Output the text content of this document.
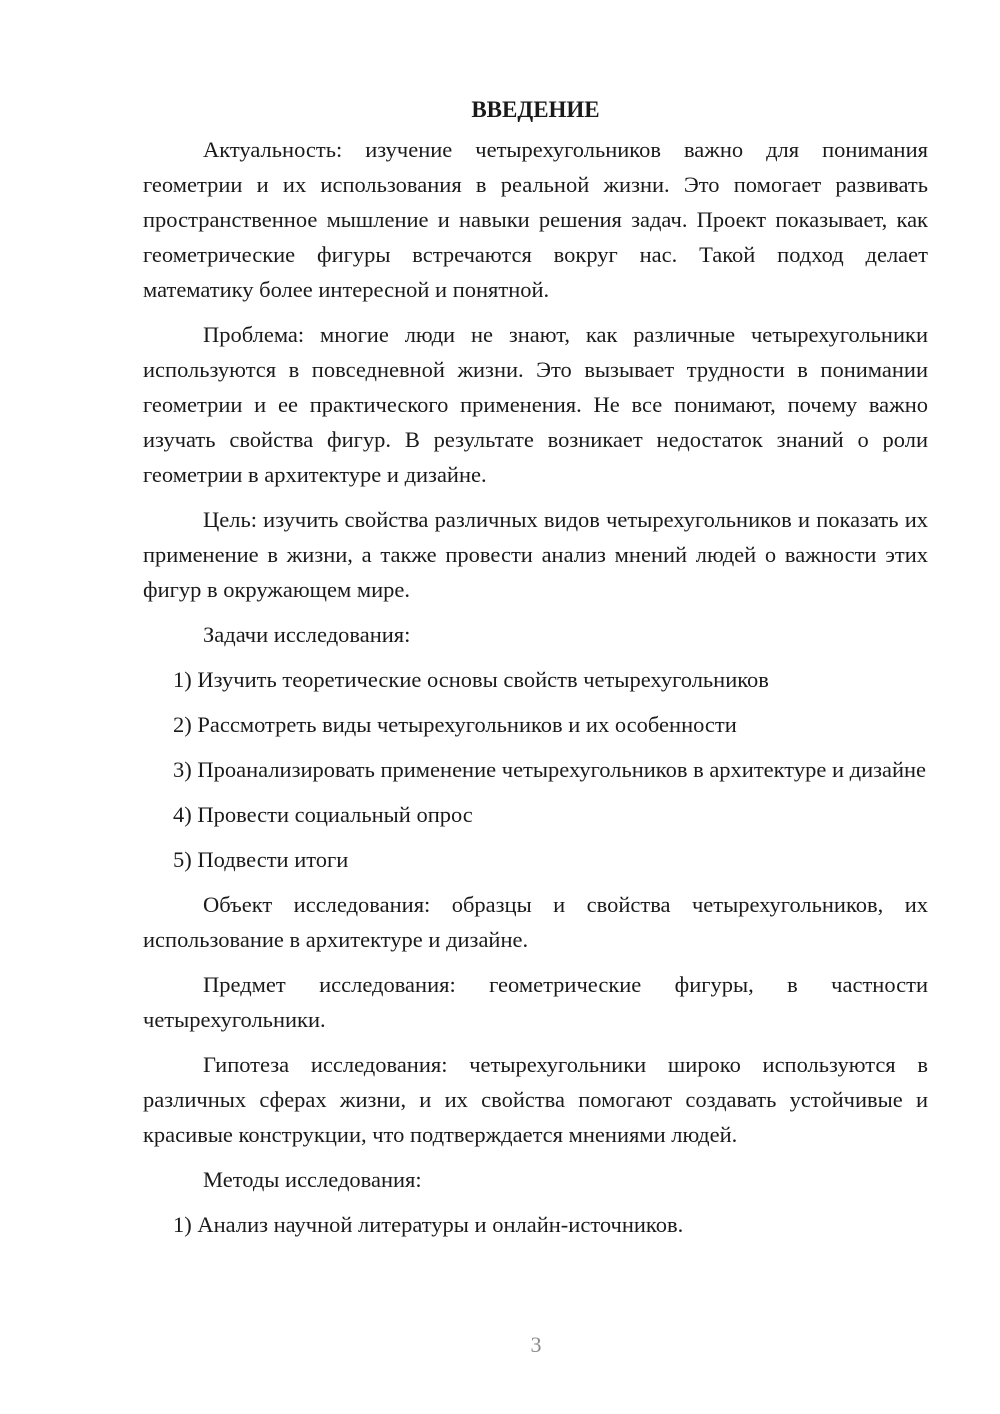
ВВЕДЕНИЕ

Актуальность: изучение четырехугольников важно для понимания геометрии и их использования в реальной жизни. Это помогает развивать пространственное мышление и навыки решения задач. Проект показывает, как геометрические фигуры встречаются вокруг нас. Такой подход делает математику более интересной и понятной.

Проблема: многие люди не знают, как различные четырехугольники используются в повседневной жизни. Это вызывает трудности в понимании геометрии и ее практического применения. Не все понимают, почему важно изучать свойства фигур. В результате возникает недостаток знаний о роли геометрии в архитектуре и дизайне.

Цель: изучить свойства различных видов четырехугольников и показать их применение в жизни, а также провести анализ мнений людей о важности этих фигур в окружающем мире.

Задачи исследования:

1) Изучить теоретические основы свойств четырехугольников

2) Рассмотреть виды четырехугольников и их особенности

3) Проанализировать применение четырехугольников в архитектуре и дизайне

4) Провести социальный опрос

5) Подвести итоги

Объект исследования: образцы и свойства четырехугольников, их использование в архитектуре и дизайне.

Предмет исследования: геометрические фигуры, в частности четырехугольники.

Гипотеза исследования: четырехугольники широко используются в различных сферах жизни, и их свойства помогают создавать устойчивые и красивые конструкции, что подтверждается мнениями людей.

Методы исследования:

1) Анализ научной литературы и онлайн-источников.

3
